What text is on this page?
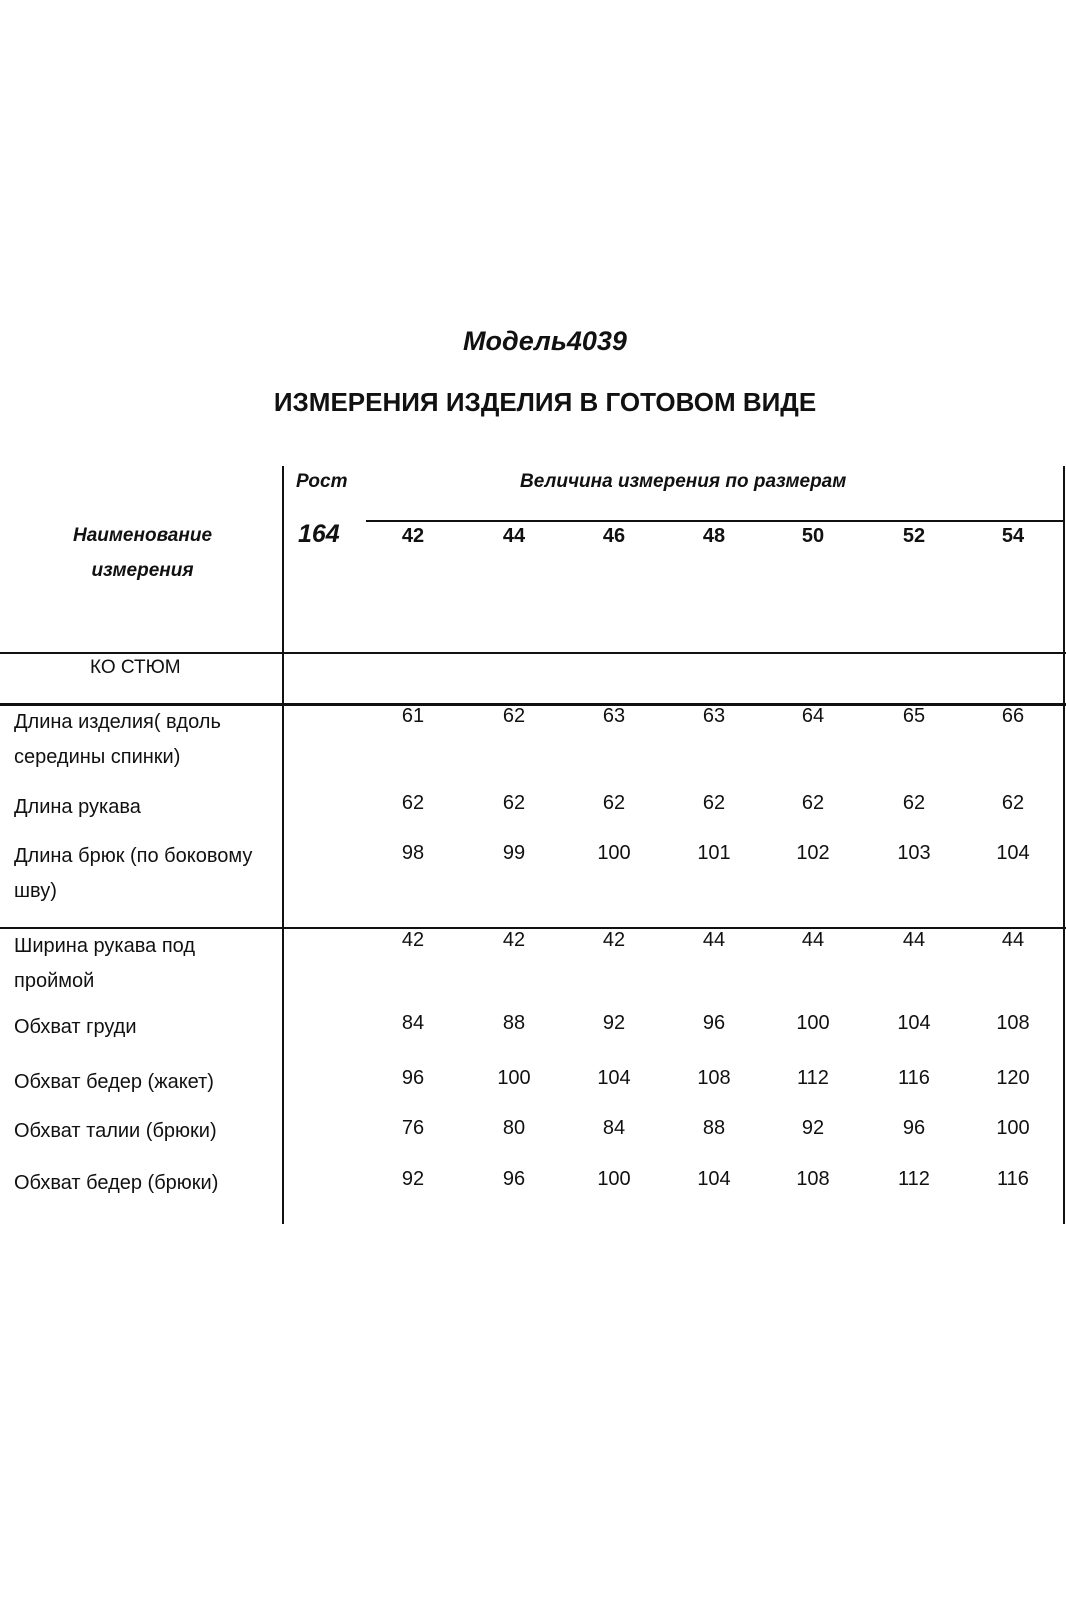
Модель4039
ИЗМЕРЕНИЯ ИЗДЕЛИЯ В ГОТОВОМ ВИДЕ
Наименование измерения
Рост
164
Величина измерения по размерам
42	44	46	48	50	52	54
КО СТЮМ
Длина изделия( вдоль середины спинки)
61	62	63	63	64	65	66
Длина рукава	62	62	62	62	62	62	62
Длина брюк (по боковому шву)
98	99	100	101	102	103	104
Ширина рукава под проймой
42	42	42	44	44	44	44
Обхват груди	84	88	92	96	100	104	108
Обхват бедер (жакет)	96	100	104	108	112	116	120
Обхват талии (брюки)	76	80	84	88	92	96	100
Обхват бедер (брюки)	92	96	100	104	108	112	116
